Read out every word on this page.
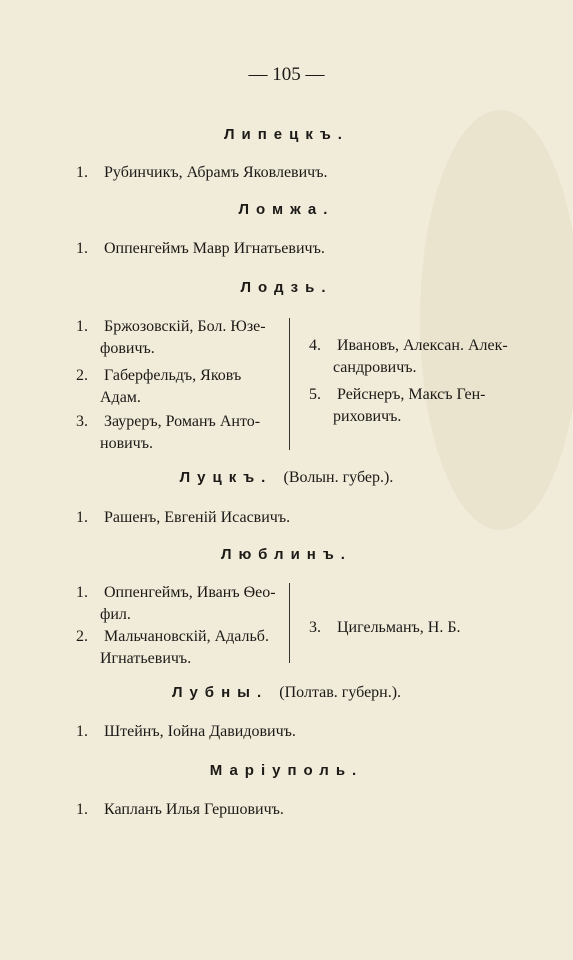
— 105 —
Липецкъ.
1. Рубинчикъ, Абрамъ Яковлевичъ.
Ломжа.
1. Оппенгеймъ Мавр Игнатьевичъ.
Лодзь.
1. Бржозовскій, Бол. Юзе-
фовичъ.
2. Габерфельдъ, Яковъ
Адам.
3. Зауреръ, Романъ Анто-
новичъ.
4. Ивановъ, Алексан. Алек-
сандровичъ.
5. Рейснеръ, Максъ Ген-
риховичъ.
Луцкъ. (Волын. губер.).
1. Рашенъ, Евгеній Исасвичъ.
Люблинъ.
1. Оппенгеймъ, Иванъ Ѳео-
фил.
2. Мальчановскій, Адальб.
Игнатьевичъ.
3. Цигельманъ, Н. Б.
Лубны. (Полтав. губерн.).
1. Штейнъ, Іойна Давидовичъ.
Маріуполь.
1. Капланъ Илья Гершовичъ.
